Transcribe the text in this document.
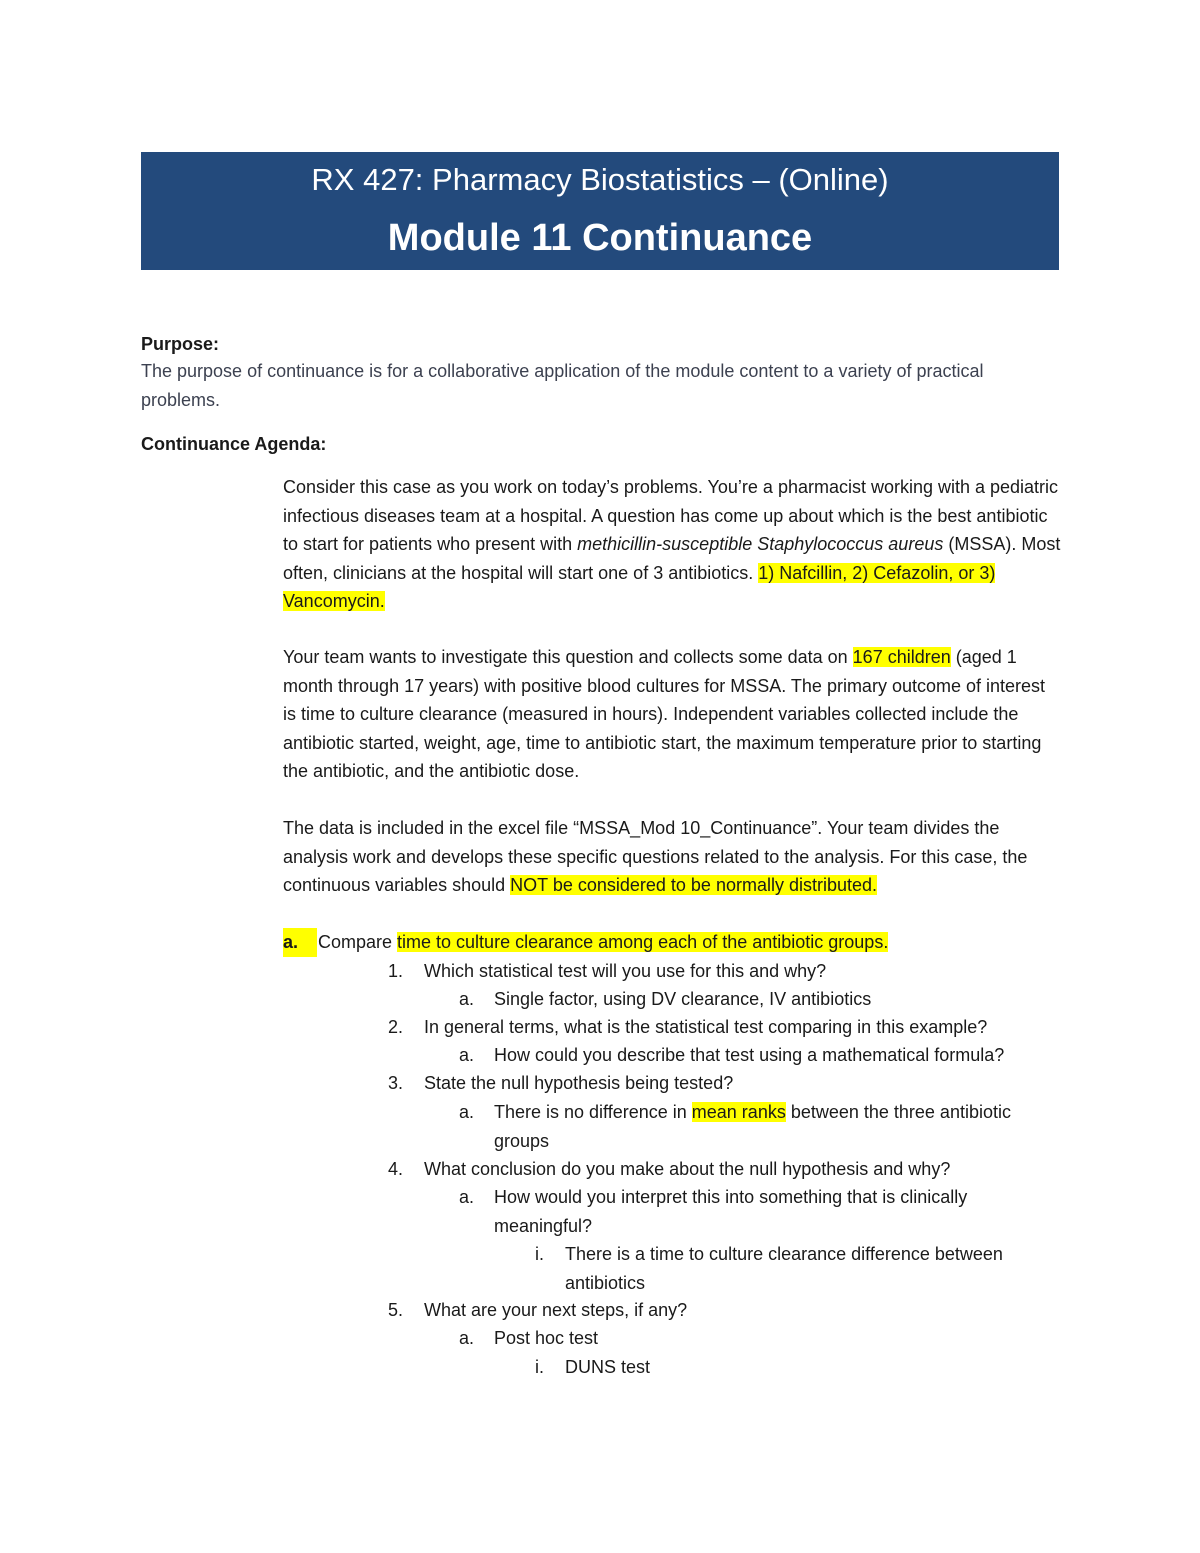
RX 427: Pharmacy Biostatistics – (Online)
Module 11 Continuance
Purpose:
The purpose of continuance is for a collaborative application of the module content to a variety of practical problems.
Continuance Agenda:

Consider this case as you work on today’s problems. You’re a pharmacist working with a pediatric infectious diseases team at a hospital. A question has come up about which is the best antibiotic to start for patients who present with methicillin-susceptible Staphylococcus aureus (MSSA). Most often, clinicians at the hospital will start one of 3 antibiotics. 1) Nafcillin, 2) Cefazolin, or 3) Vancomycin.

Your team wants to investigate this question and collects some data on 167 children (aged 1 month through 17 years) with positive blood cultures for MSSA. The primary outcome of interest is time to culture clearance (measured in hours). Independent variables collected include the antibiotic started, weight, age, time to antibiotic start, the maximum temperature prior to starting the antibiotic, and the antibiotic dose.

The data is included in the excel file “MSSA_Mod 10_Continuance”. Your team divides the analysis work and develops these specific questions related to the analysis. For this case, the continuous variables should NOT be considered to be normally distributed.

a.	Compare time to culture clearance among each of the antibiotic groups.
1. Which statistical test will you use for this and why?
a. Single factor, using DV clearance, IV antibiotics
2. In general terms, what is the statistical test comparing in this example?
a. How could you describe that test using a mathematical formula?
3. State the null hypothesis being tested?
a. There is no difference in mean ranks between the three antibiotic groups
4. What conclusion do you make about the null hypothesis and why?
a. How would you interpret this into something that is clinically meaningful?
i. There is a time to culture clearance difference between antibiotics
5. What are your next steps, if any?
a. Post hoc test
i. DUNS test
